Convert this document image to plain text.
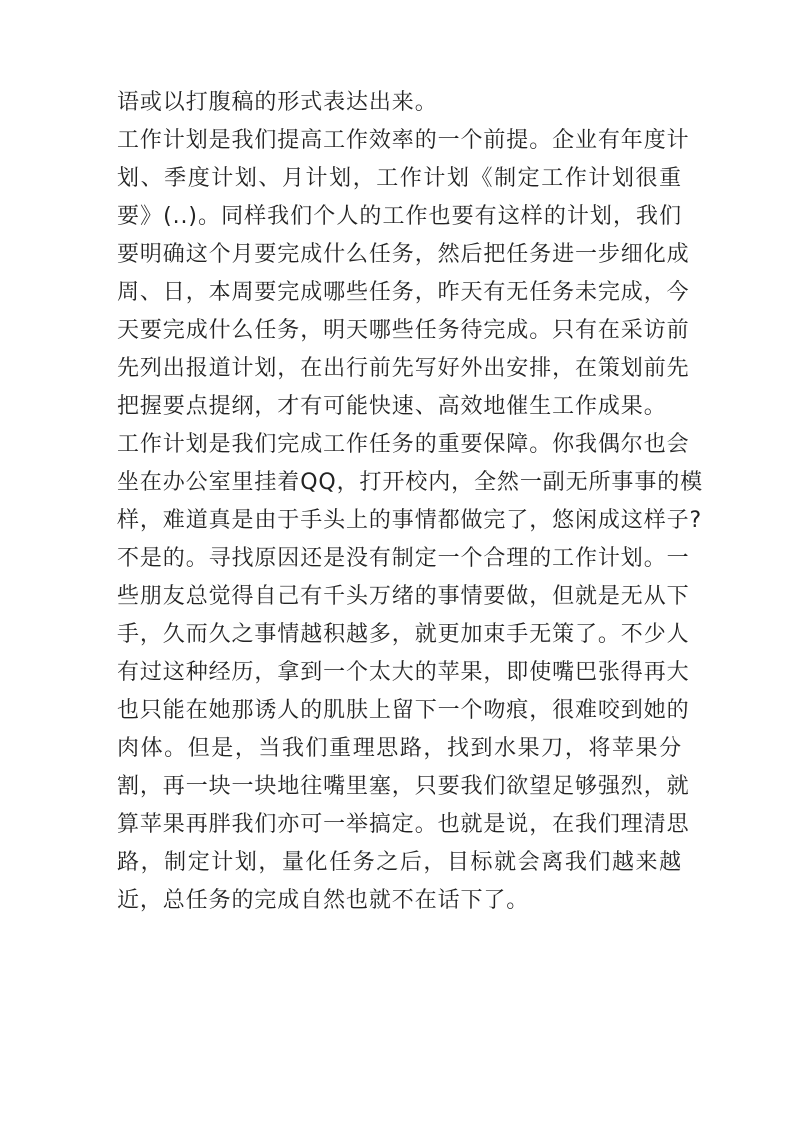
语或以打腹稿的形式表达出来。
工作计划是我们提高工作效率的一个前提。企业有年度计
划、季度计划、月计划，工作计划《制定工作计划很重
要》(..)。同样我们个人的工作也要有这样的计划，我们
要明确这个月要完成什么任务，然后把任务进一步细化成
周、日，本周要完成哪些任务，昨天有无任务未完成，今
天要完成什么任务，明天哪些任务待完成。只有在采访前
先列出报道计划，在出行前先写好外出安排，在策划前先
把握要点提纲，才有可能快速、高效地催生工作成果。
工作计划是我们完成工作任务的重要保障。你我偶尔也会
坐在办公室里挂着QQ，打开校内，全然一副无所事事的模
样，难道真是由于手头上的事情都做完了，悠闲成这样子?
不是的。寻找原因还是没有制定一个合理的工作计划。一
些朋友总觉得自己有千头万绪的事情要做，但就是无从下
手，久而久之事情越积越多，就更加束手无策了。不少人
有过这种经历，拿到一个太大的苹果，即使嘴巴张得再大
也只能在她那诱人的肌肤上留下一个吻痕，很难咬到她的
肉体。但是，当我们重理思路，找到水果刀，将苹果分
割，再一块一块地往嘴里塞，只要我们欲望足够强烈，就
算苹果再胖我们亦可一举搞定。也就是说，在我们理清思
路，制定计划，量化任务之后，目标就会离我们越来越
近，总任务的完成自然也就不在话下了。
